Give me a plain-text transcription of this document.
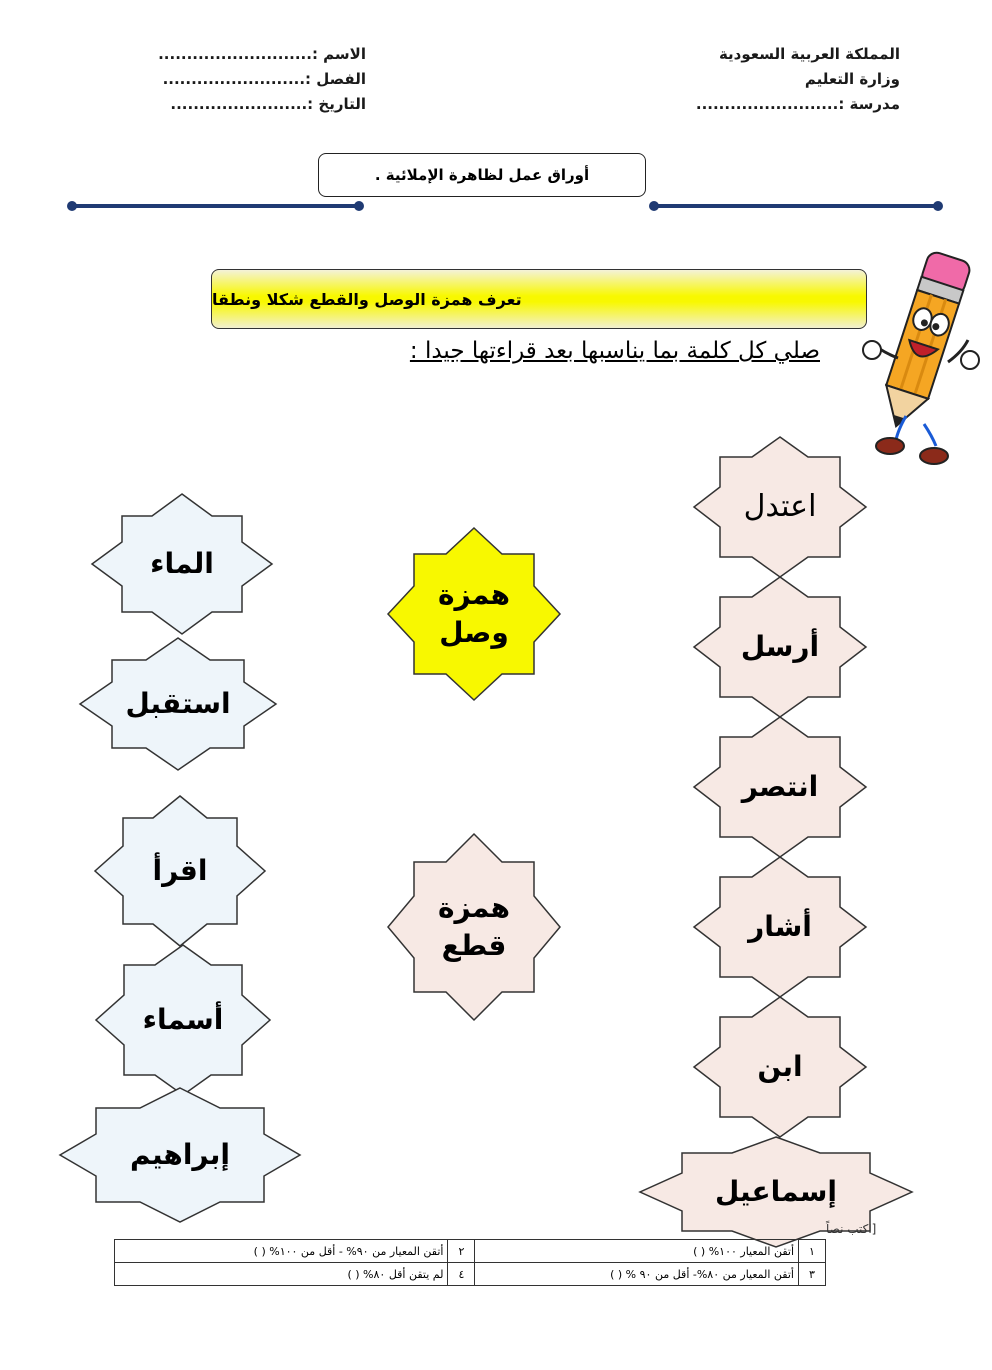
المملكة العربية السعودية
وزارة التعليم
مدرسة :.........................
الاسم :...........................
الفصل :.........................
التاريخ :........................
أوراق عمل لظاهرة الإملائية .
تعرف همزة الوصل والقطع شكلا ونطقا
صلي كل كلمة بما يناسبها بعد قراءتها جيدا :
الماء
استقبل
اقرأ
أسماء
إبراهيم
همزة
وصل
همزة
قطع
اعتدل
أرسل
انتصر
أشار
ابن
إسماعيل
[اكتب نصاً
١	أتقن المعيار ١٠٠% ( )	٢	أتقن المعيار من ٩٠% - أقل من ١٠٠% ( )
٣	أتقن المعيار من ٨٠%- أقل من ٩٠ % ( )	٤	لم يتقن أقل ٨٠% ( )
